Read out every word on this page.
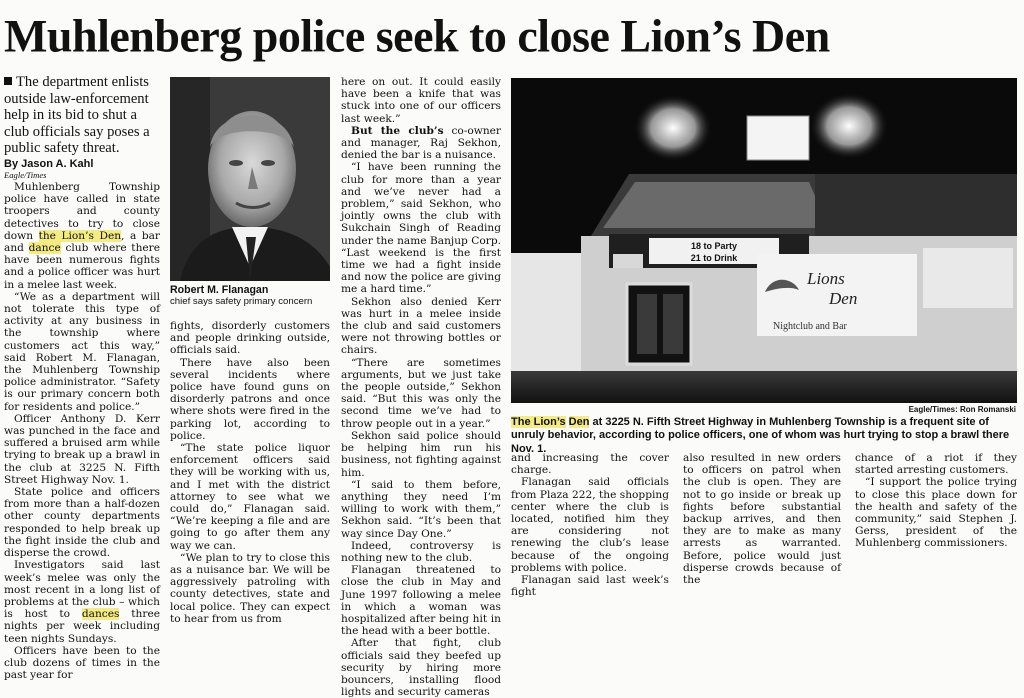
Muhlenberg police seek to close Lion’s Den
The department enlists outside law-enforcement help in its bid to shut a club officials say poses a public safety threat.
By Jason A. Kahl
Eagle/Times

Muhlenberg Township police have called in state troopers and county detectives to try to close down the Lion’s Den, a bar and dance club where there have been numerous fights and a police officer was hurt in a melee last week.

“We as a department will not tolerate this type of activity at any business in the township where customers act this way,” said Robert M. Flanagan, the Muhlenberg Township police administrator. “Safety is our primary concern both for residents and police.”

Officer Anthony D. Kerr was punched in the face and suffered a bruised arm while trying to break up a brawl in the club at 3225 N. Fifth Street Highway Nov. 1.

State police and officers from more than a half-dozen other county departments responded to help break up the fight inside the club and disperse the crowd.

Investigators said last week’s melee was only the most recent in a long list of problems at the club – which is host to dances three nights per week including teen nights Sundays.

Officers have been to the club dozens of times in the past year for

Robert M. Flanagan
chief says safety primary concern

fights, disorderly customers and people drinking outside, officials said.

There have also been several incidents where police have found guns on disorderly patrons and once where shots were fired in the parking lot, according to police.

“The state police liquor enforcement officers said they will be working with us, and I met with the district attorney to see what we could do,” Flanagan said. “We’re keeping a file and are going to go after them any way we can.

“We plan to try to close this as a nuisance bar. We will be aggressively patroling with county detectives, state and local police. They can expect to hear from us from

here on out. It could easily have been a knife that was stuck into one of our officers last week.”

But the club’s co-owner and manager, Raj Sekhon, denied the bar is a nuisance.

“I have been running the club for more than a year and we’ve never had a problem,” said Sekhon, who jointly owns the club with Sukchain Singh of Reading under the name Banjup Corp. “Last weekend is the first time we had a fight inside and now the police are giving me a hard time.”

Sekhon also denied Kerr was hurt in a melee inside the club and said customers were not throwing bottles or chairs.

“There are sometimes arguments, but we just take the people outside,” Sekhon said. “But this was only the second time we’ve had to throw people out in a year.”

Sekhon said police should be helping him run his business, not fighting against him.

“I said to them before, anything they need I’m willing to work with them,” Sekhon said. “It’s been that way since Day One.”

Indeed, controversy is nothing new to the club.

Flanagan threatened to close the club in May and June 1997 following a melee in which a woman was hospitalized after being hit in the head with a beer bottle.

After that fight, club officials said they beefed up security by hiring more bouncers, installing flood lights and security cameras

18 to Party
21 to Drink
Lions
Den
Nightclub and Bar
Eagle/Times: Ron Romanski
The Lion’s Den at 3225 N. Fifth Street Highway in Muhlenberg Township is a frequent site of unruly behavior, according to police officers, one of whom was hurt trying to stop a brawl there Nov. 1.

and increasing the cover charge.

Flanagan said officials from Plaza 222, the shopping center where the club is located, notified him they are considering not renewing the club’s lease because of the ongoing problems with police.

Flanagan said last week’s fight

also resulted in new orders to officers on patrol when the club is open. They are not to go inside or break up fights before substantial backup arrives, and then they are to make as many arrests as warranted. Before, police would just disperse crowds because of the

chance of a riot if they started arresting customers.

“I support the police trying to close this place down for the health and safety of the community,” said Stephen J. Gerss, president of the Muhlenberg commissioners.
